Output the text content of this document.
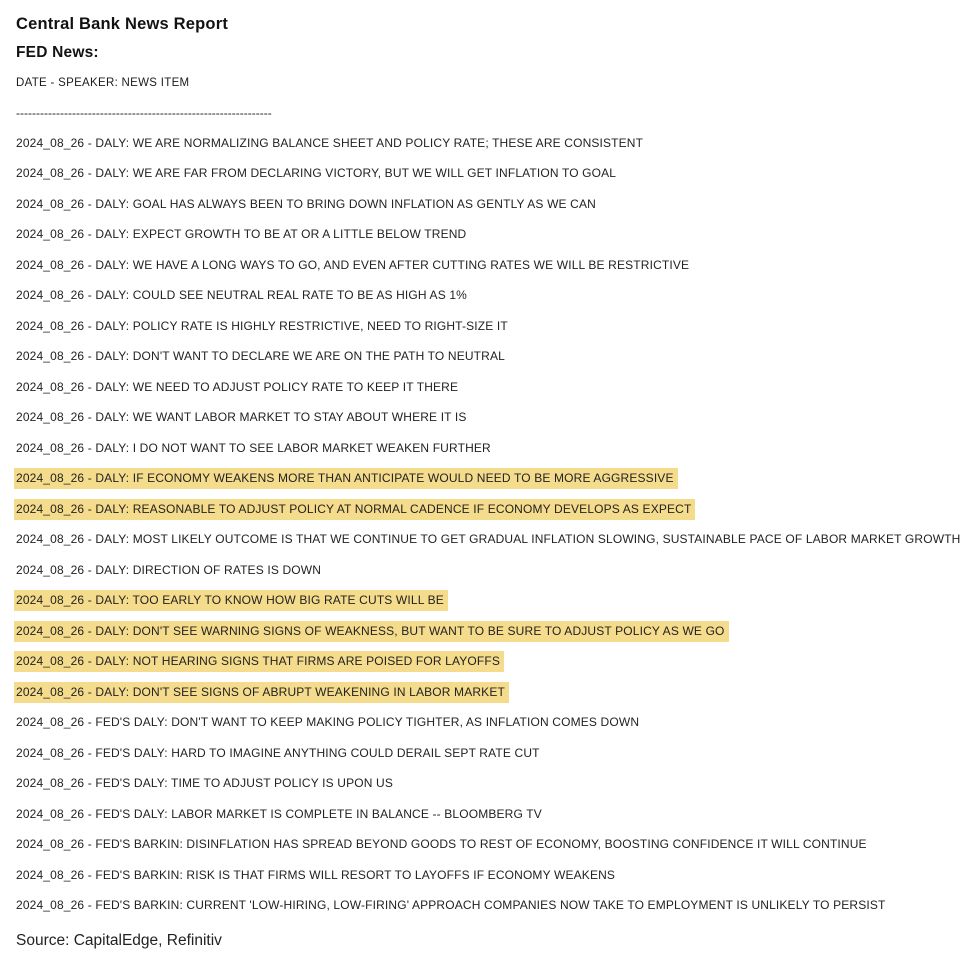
Central Bank News Report
FED News:
DATE - SPEAKER: NEWS ITEM
----------------------------------------------------------------
2024_08_26 - DALY: WE ARE NORMALIZING BALANCE SHEET AND POLICY RATE; THESE ARE CONSISTENT
2024_08_26 - DALY: WE ARE FAR FROM DECLARING VICTORY, BUT WE WILL GET INFLATION TO GOAL
2024_08_26 - DALY: GOAL HAS ALWAYS BEEN TO BRING DOWN INFLATION AS GENTLY AS WE CAN
2024_08_26 - DALY: EXPECT GROWTH TO BE AT OR A LITTLE BELOW TREND
2024_08_26 - DALY: WE HAVE A LONG WAYS TO GO, AND EVEN AFTER CUTTING RATES WE WILL BE RESTRICTIVE
2024_08_26 - DALY: COULD SEE NEUTRAL REAL RATE TO BE AS HIGH AS 1%
2024_08_26 - DALY: POLICY RATE IS HIGHLY RESTRICTIVE, NEED TO RIGHT-SIZE IT
2024_08_26 - DALY: DON'T WANT TO DECLARE WE ARE ON THE PATH TO NEUTRAL
2024_08_26 - DALY: WE NEED TO ADJUST POLICY RATE TO KEEP IT THERE
2024_08_26 - DALY: WE WANT LABOR MARKET TO STAY ABOUT WHERE IT IS
2024_08_26 - DALY: I DO NOT WANT TO SEE LABOR MARKET WEAKEN FURTHER
2024_08_26 - DALY: IF ECONOMY WEAKENS MORE THAN ANTICIPATE WOULD NEED TO BE MORE AGGRESSIVE
2024_08_26 - DALY: REASONABLE TO ADJUST POLICY AT NORMAL CADENCE IF ECONOMY DEVELOPS AS EXPECT
2024_08_26 - DALY: MOST LIKELY OUTCOME IS THAT WE CONTINUE TO GET GRADUAL INFLATION SLOWING, SUSTAINABLE PACE OF LABOR MARKET GROWTH
2024_08_26 - DALY: DIRECTION OF RATES IS DOWN
2024_08_26 - DALY: TOO EARLY TO KNOW HOW BIG RATE CUTS WILL BE
2024_08_26 - DALY: DON'T SEE WARNING SIGNS OF WEAKNESS, BUT WANT TO BE SURE TO ADJUST POLICY AS WE GO
2024_08_26 - DALY: NOT HEARING SIGNS THAT FIRMS ARE POISED FOR LAYOFFS
2024_08_26 - DALY: DON'T SEE SIGNS OF ABRUPT WEAKENING IN LABOR MARKET
2024_08_26 - FED'S DALY: DON'T WANT TO KEEP MAKING POLICY TIGHTER, AS INFLATION COMES DOWN
2024_08_26 - FED'S DALY: HARD TO IMAGINE ANYTHING COULD DERAIL SEPT RATE CUT
2024_08_26 - FED'S DALY: TIME TO ADJUST POLICY IS UPON US
2024_08_26 - FED'S DALY: LABOR MARKET IS COMPLETE IN BALANCE -- BLOOMBERG TV
2024_08_26 - FED'S BARKIN: DISINFLATION HAS SPREAD BEYOND GOODS TO REST OF ECONOMY, BOOSTING CONFIDENCE IT WILL CONTINUE
2024_08_26 - FED'S BARKIN: RISK IS THAT FIRMS WILL RESORT TO LAYOFFS IF ECONOMY WEAKENS
2024_08_26 - FED'S BARKIN: CURRENT 'LOW-HIRING, LOW-FIRING' APPROACH COMPANIES NOW TAKE TO EMPLOYMENT IS UNLIKELY TO PERSIST
Source: CapitalEdge, Refinitiv
